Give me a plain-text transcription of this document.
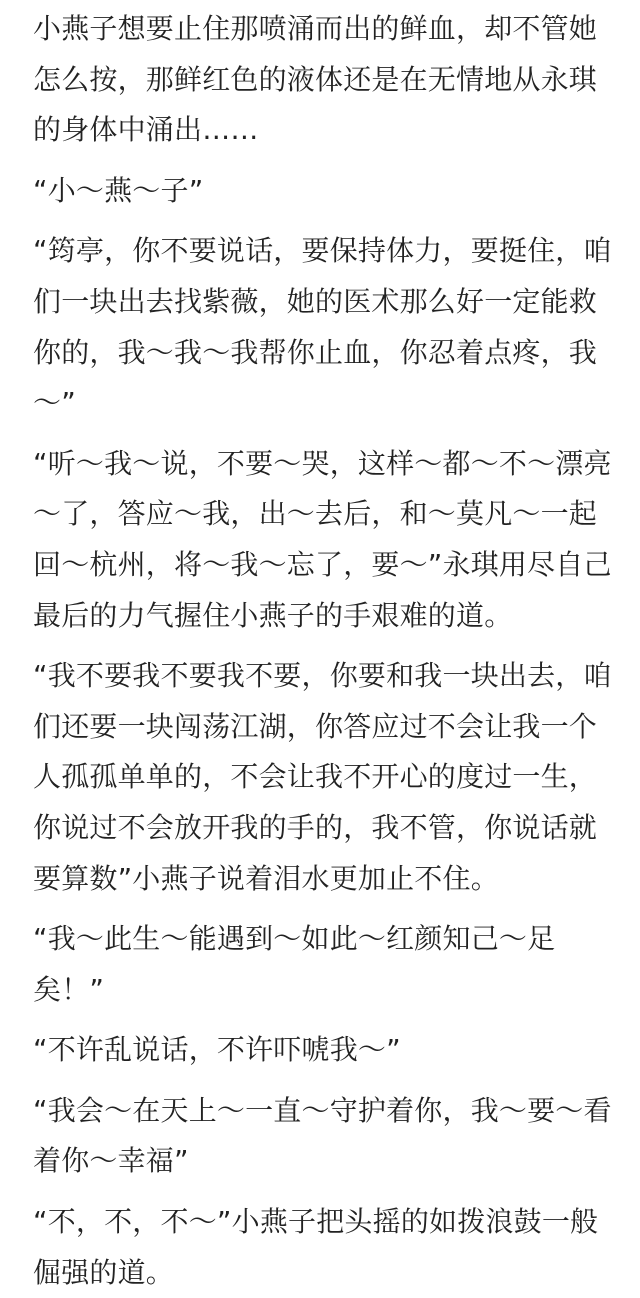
小燕子想要止住那喷涌而出的鲜血，却不管她怎么按，那鲜红色的液体还是在无情地从永琪的身体中涌出……

“小～燕～子”

“筠亭，你不要说话，要保持体力，要挺住，咱们一块出去找紫薇，她的医术那么好一定能救你的，我～我～我帮你止血，你忍着点疼，我～”

“听～我～说，不要～哭，这样～都～不～漂亮～了，答应～我，出～去后，和～莫凡～一起回～杭州，将～我～忘了，要～”永琪用尽自己最后的力气握住小燕子的手艰难的道。

“我不要我不要我不要，你要和我一块出去，咱们还要一块闯荡江湖，你答应过不会让我一个人孤孤单单的，不会让我不开心的度过一生，你说过不会放开我的手的，我不管，你说话就要算数”小燕子说着泪水更加止不住。

“我～此生～能遇到～如此～红颜知己～足矣！”

“不许乱说话，不许吓唬我～”

“我会～在天上～一直～守护着你，我～要～看着你～幸福”

“不，不，不～”小燕子把头摇的如拨浪鼓一般倔强的道。
